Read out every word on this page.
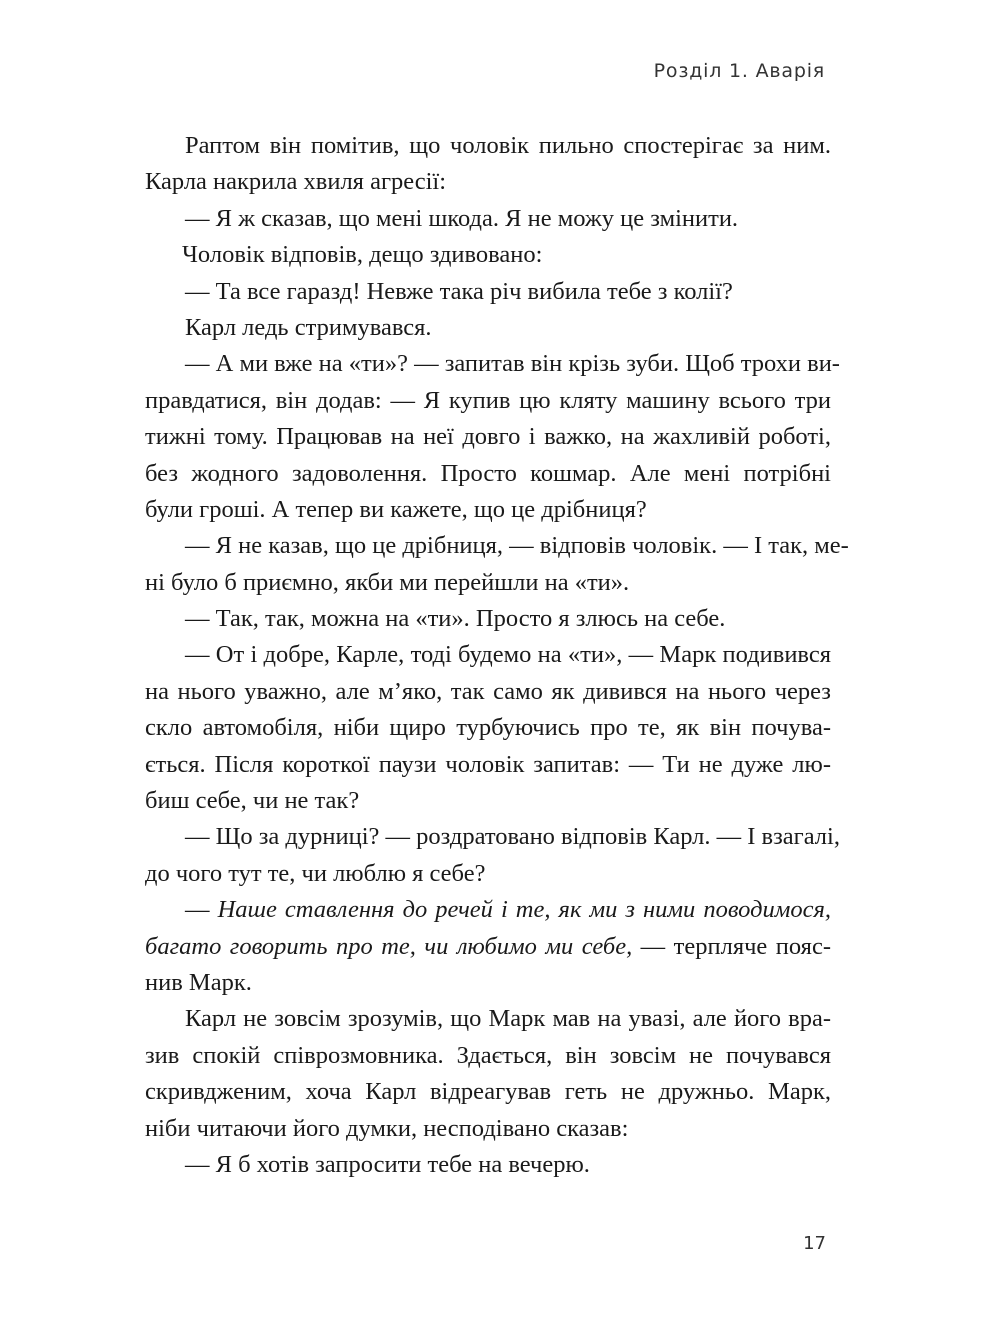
Розділ 1. Аварія
Раптом він помітив, що чоловік пильно спостерігає за ним.
Карла накрила хвиля агресії:
— Я ж сказав, що мені шкода. Я не можу це змінити.
Чоловік відповів, дещо здивовано:
— Та все гаразд! Невже така річ вибила тебе з колії?
Карл ледь стримувався.
— А ми вже на «ти»? — запитав він крізь зуби. Щоб трохи ви-
правдатися, він додав: — Я купив цю кляту машину всього три
тижні тому. Працював на неї довго і важко, на жахливій роботі,
без жодного задоволення. Просто кошмар. Але мені потрібні
були гроші. А тепер ви кажете, що це дрібниця?
— Я не казав, що це дрібниця, — відповів чоловік. — І так, ме-
ні було б приємно, якби ми перейшли на «ти».
— Так, так, можна на «ти». Просто я злюсь на себе.
— От і добре, Карле, тоді будемо на «ти», — Марк подивився
на нього уважно, але м’яко, так само як дивився на нього через
скло автомобіля, ніби щиро турбуючись про те, як він почува-
ється. Після короткої паузи чоловік запитав: — Ти не дуже лю-
биш себе, чи не так?
— Що за дурниці? — роздратовано відповів Карл. — І взагалі,
до чого тут те, чи люблю я себе?
— Наше ставлення до речей і те, як ми з ними поводимося,
багато говорить про те, чи любимо ми себе, — терпляче пояс-
нив Марк.
Карл не зовсім зрозумів, що Марк мав на увазі, але його вра-
зив спокій співрозмовника. Здається, він зовсім не почувався
скривдженим, хоча Карл відреагував геть не дружньо. Марк,
ніби читаючи його думки, несподівано сказав:
— Я б хотів запросити тебе на вечерю.
17
